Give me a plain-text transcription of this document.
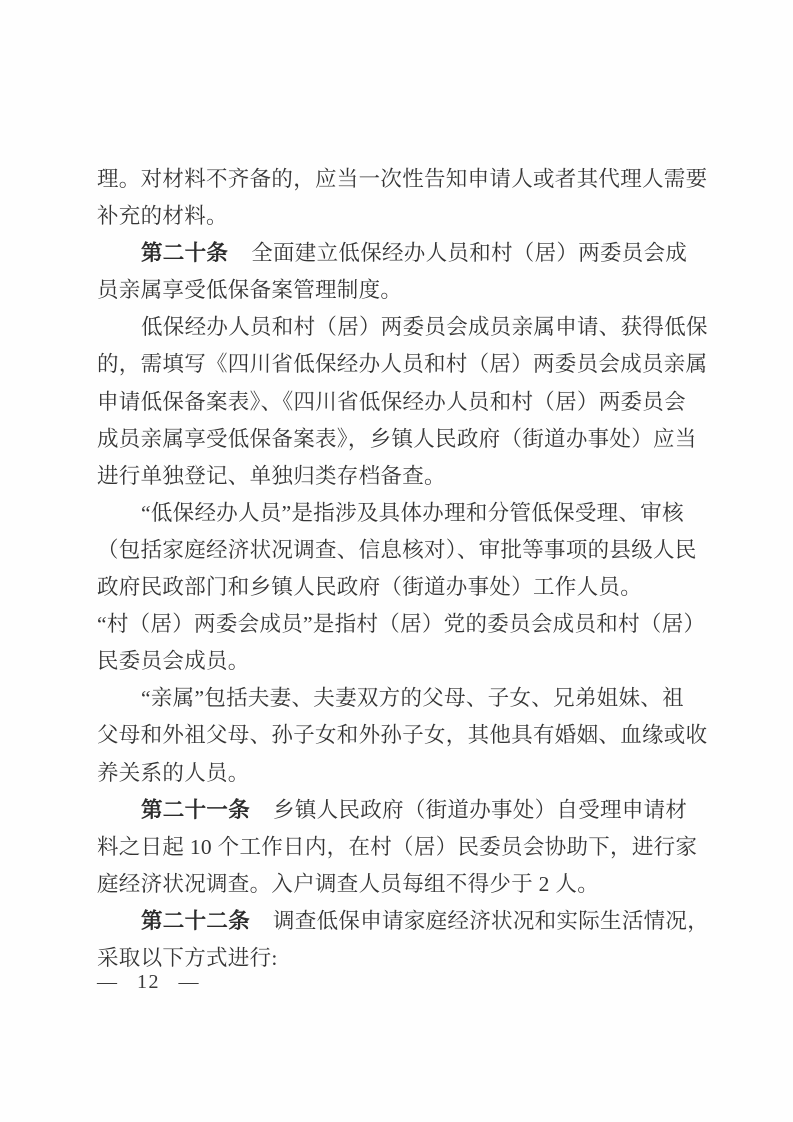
理。对材料不齐备的，应当一次性告知申请人或者其代理人需要
补充的材料。
第二十条 全面建立低保经办人员和村（居）两委员会成
员亲属享受低保备案管理制度。
低保经办人员和村（居）两委员会成员亲属申请、获得低保
的，需填写《四川省低保经办人员和村（居）两委员会成员亲属
申请低保备案表》、《四川省低保经办人员和村（居）两委员会
成员亲属享受低保备案表》，乡镇人民政府（街道办事处）应当
进行单独登记、单独归类存档备查。
“低保经办人员”是指涉及具体办理和分管低保受理、审核
（包括家庭经济状况调查、信息核对）、审批等事项的县级人民
政府民政部门和乡镇人民政府（街道办事处）工作人员。
“村（居）两委会成员”是指村（居）党的委员会成员和村（居）
民委员会成员。
“亲属”包括夫妻、夫妻双方的父母、子女、兄弟姐妹、祖
父母和外祖父母、孙子女和外孙子女，其他具有婚姻、血缘或收
养关系的人员。
第二十一条 乡镇人民政府（街道办事处）自受理申请材
料之日起 10 个工作日内，在村（居）民委员会协助下，进行家
庭经济状况调查。入户调查人员每组不得少于 2 人。
第二十二条 调查低保申请家庭经济状况和实际生活情况，
采取以下方式进行:
— 12 —
